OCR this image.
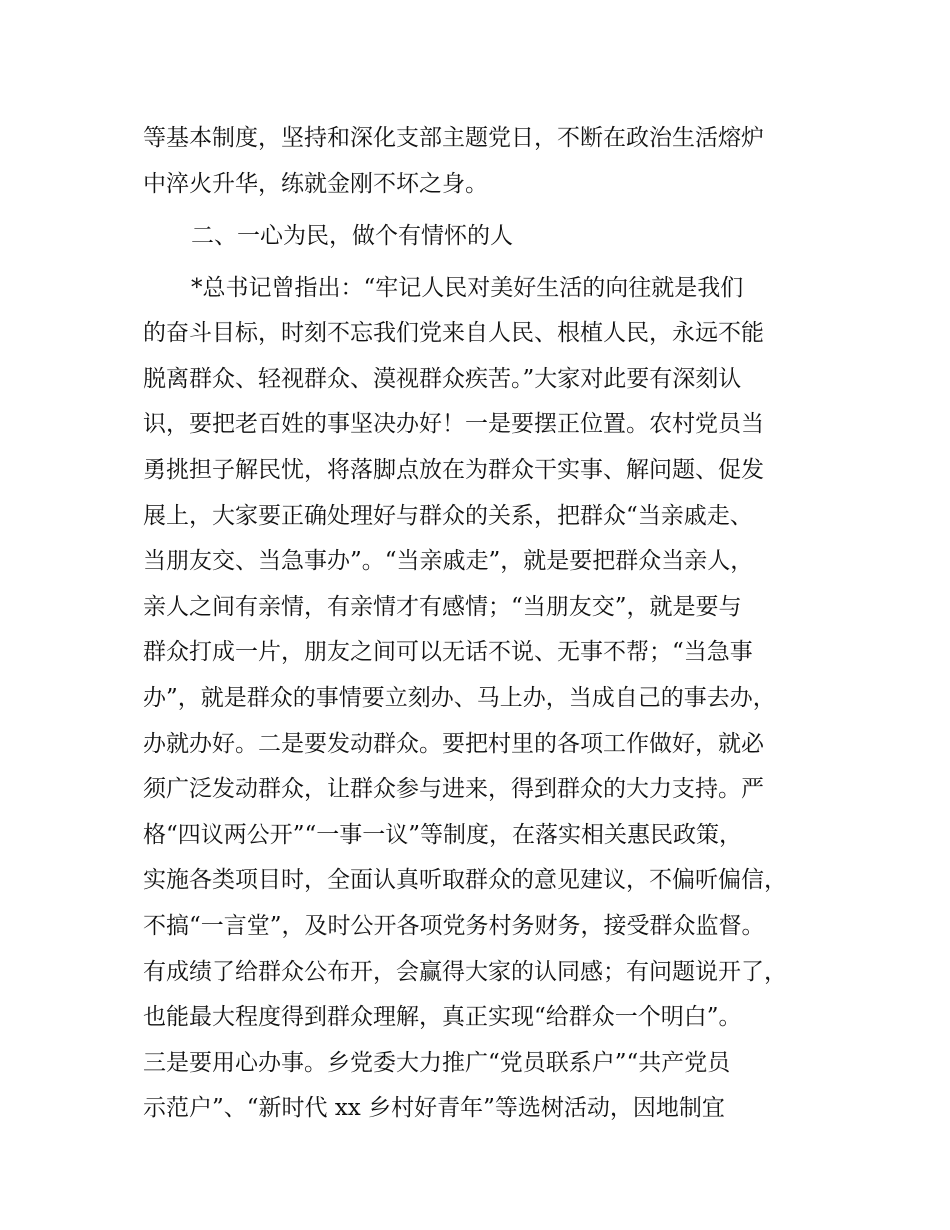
等基本制度，坚持和深化支部主题党日，不断在政治生活熔炉
中淬火升华，练就金刚不坏之身。
二、一心为民，做个有情怀的人
*总书记曾指出：“牢记人民对美好生活的向往就是我们
的奋斗目标，时刻不忘我们党来自人民、根植人民，永远不能
脱离群众、轻视群众、漠视群众疾苦。”大家对此要有深刻认
识，要把老百姓的事坚决办好！一是要摆正位置。农村党员当
勇挑担子解民忧，将落脚点放在为群众干实事、解问题、促发
展上，大家要正确处理好与群众的关系，把群众“当亲戚走、
当朋友交、当急事办”。“当亲戚走”，就是要把群众当亲人，
亲人之间有亲情，有亲情才有感情；“当朋友交”，就是要与
群众打成一片，朋友之间可以无话不说、无事不帮；“当急事
办”，就是群众的事情要立刻办、马上办，当成自己的事去办，
办就办好。二是要发动群众。要把村里的各项工作做好，就必
须广泛发动群众，让群众参与进来，得到群众的大力支持。严
格“四议两公开”“一事一议”等制度，在落实相关惠民政策，
实施各类项目时，全面认真听取群众的意见建议，不偏听偏信，
不搞“一言堂”，及时公开各项党务村务财务，接受群众监督。
有成绩了给群众公布开，会赢得大家的认同感；有问题说开了，
也能最大程度得到群众理解，真正实现“给群众一个明白”。
三是要用心办事。乡党委大力推广“党员联系户”“共产党员
示范户”、“新时代 xx 乡村好青年”等选树活动，因地制宜
